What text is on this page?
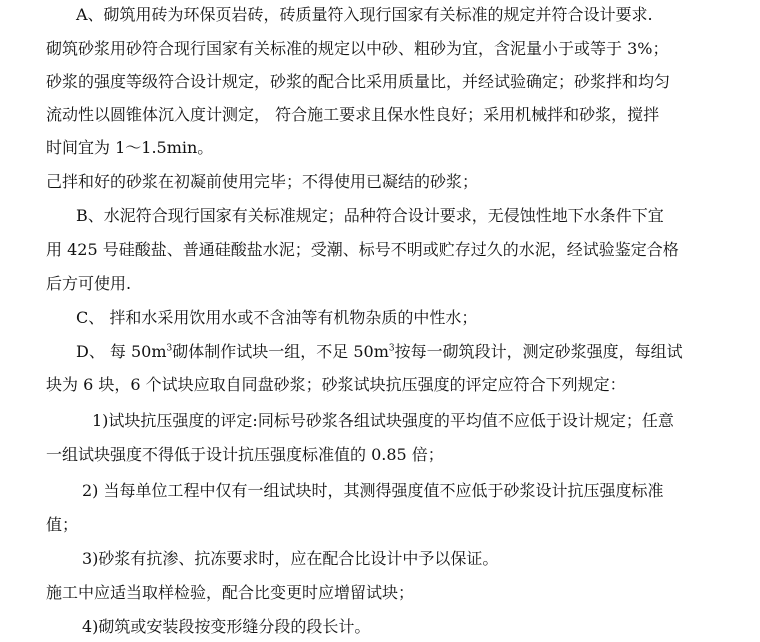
A、砌筑用砖为环保页岩砖，砖质量符入现行国家有关标准的规定并符合设计要求.
砌筑砂浆用砂符合现行国家有关标准的规定以中砂、粗砂为宜，含泥量小于或等于 3%；
砂浆的强度等级符合设计规定，砂浆的配合比采用质量比，并经试验确定；砂浆拌和均匀
流动性以圆锥体沉入度计测定， 符合施工要求且保水性良好；采用机械拌和砂浆，搅拌
时间宜为 1～1.5min。
己拌和好的砂浆在初凝前使用完毕；不得使用已凝结的砂浆；
B、水泥符合现行国家有关标准规定；品种符合设计要求，无侵蚀性地下水条件下宜
用 425 号硅酸盐、普通硅酸盐水泥；受潮、标号不明或贮存过久的水泥，经试验鉴定合格
后方可使用.
C、 拌和水采用饮用水或不含油等有机物杂质的中性水；
D、 每 $50m^3$砌体制作试块一组，不足 $50m^3$按每一砌筑段计，测定砂浆强度，每组试
块为 6 块，6 个试块应取自同盘砂浆；砂浆试块抗压强度的评定应符合下列规定：
1)试块抗压强度的评定:同标号砂浆各组试块强度的平均值不应低于设计规定；任意
一组试块强度不得低于设计抗压强度标准值的 0.85 倍；
2) 当每单位工程中仅有一组试块时，其测得强度值不应低于砂浆设计抗压强度标准
值；
3)砂浆有抗渗、抗冻要求时，应在配合比设计中予以保证。
施工中应适当取样检验，配合比变更时应增留试块；
4)砌筑或安装段按变形缝分段的段长计。
